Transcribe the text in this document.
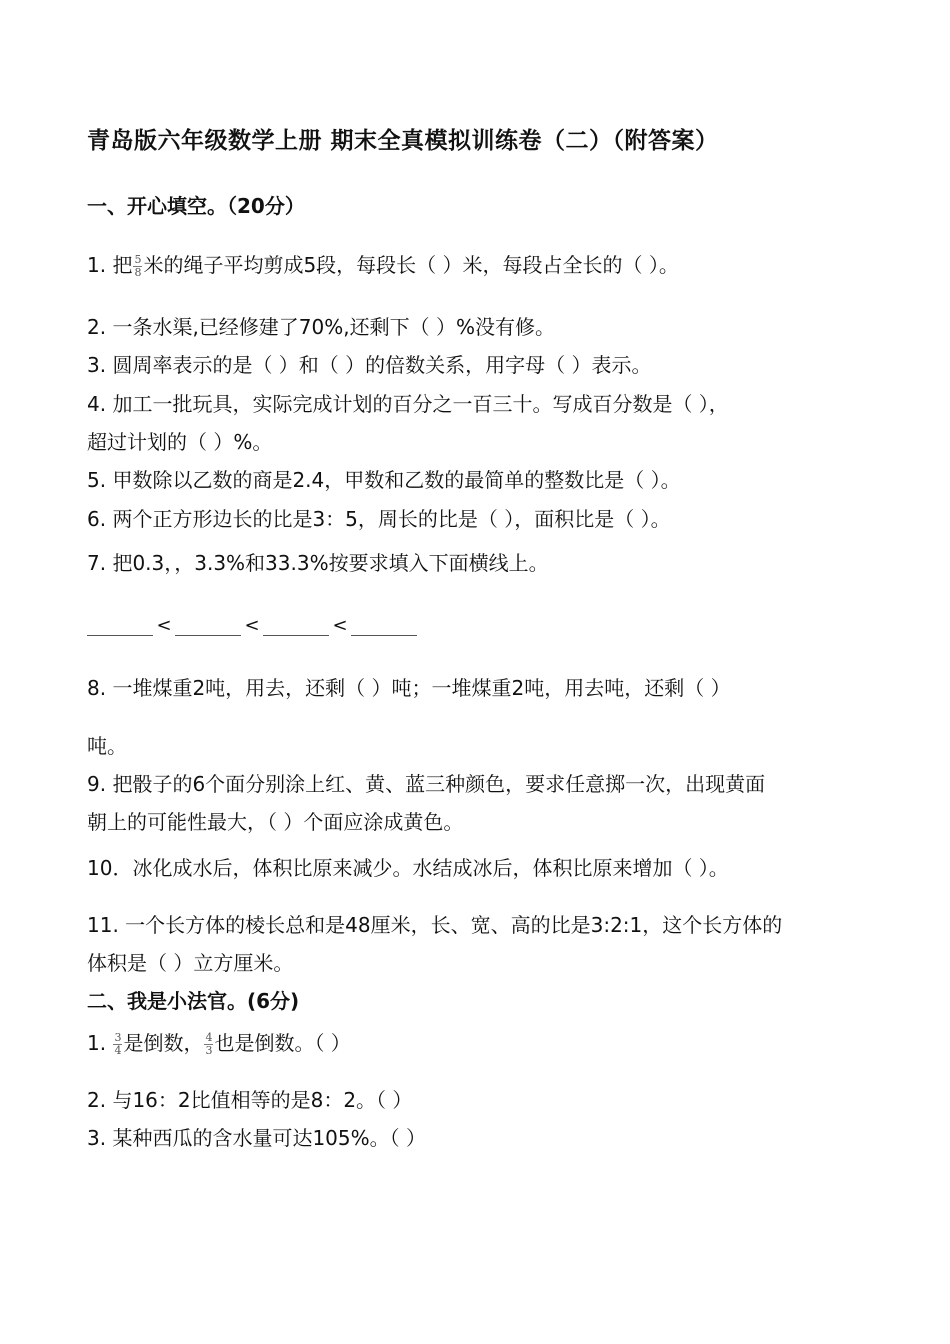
青岛版六年级数学上册 期末全真模拟训练卷（二）（附答案）
一、开心填空。（20分）
1. 把 $\frac{5}{8}$ 米的绳子平均剪成5段，每段长（ ）米，每段占全长的（ ）。
2. 一条水渠,已经修建了70%,还剩下（ ）%没有修。
3. 圆周率表示的是（ ）和（ ）的倍数关系，用字母（ ）表示。
4. 加工一批玩具，实际完成计划的百分之一百三十。写成百分数是（ ），
超过计划的（ ）%。
5. 甲数除以乙数的商是2.4，甲数和乙数的最简单的整数比是（ ）。
6. 两个正方形边长的比是3：5，周长的比是（ ），面积比是（ ）。
7. 把0.3，，3.3%和33.3%按要求填入下面横线上。
<	<	<
8. 一堆煤重2吨，用去，还剩（ ）吨；一堆煤重2吨，用去吨，还剩（ ）
吨。
9. 把骰子的6个面分别涂上红、黄、蓝三种颜色，要求任意掷一次，出现黄面
朝上的可能性最大，（ ）个面应涂成黄色。
10．冰化成水后，体积比原来减少。水结成冰后，体积比原来增加（ ）。
11. 一个长方体的棱长总和是48厘米，长、宽、高的比是3:2:1，这个长方体的
体积是（ ）立方厘米。
二、我是小法官。(6分)
1. $\frac{3}{4}$ 是倒数， $\frac{4}{3}$ 也是倒数。（ ）
2. 与16：2比值相等的是8：2。（ ）
3. 某种西瓜的含水量可达105%。（ ）
